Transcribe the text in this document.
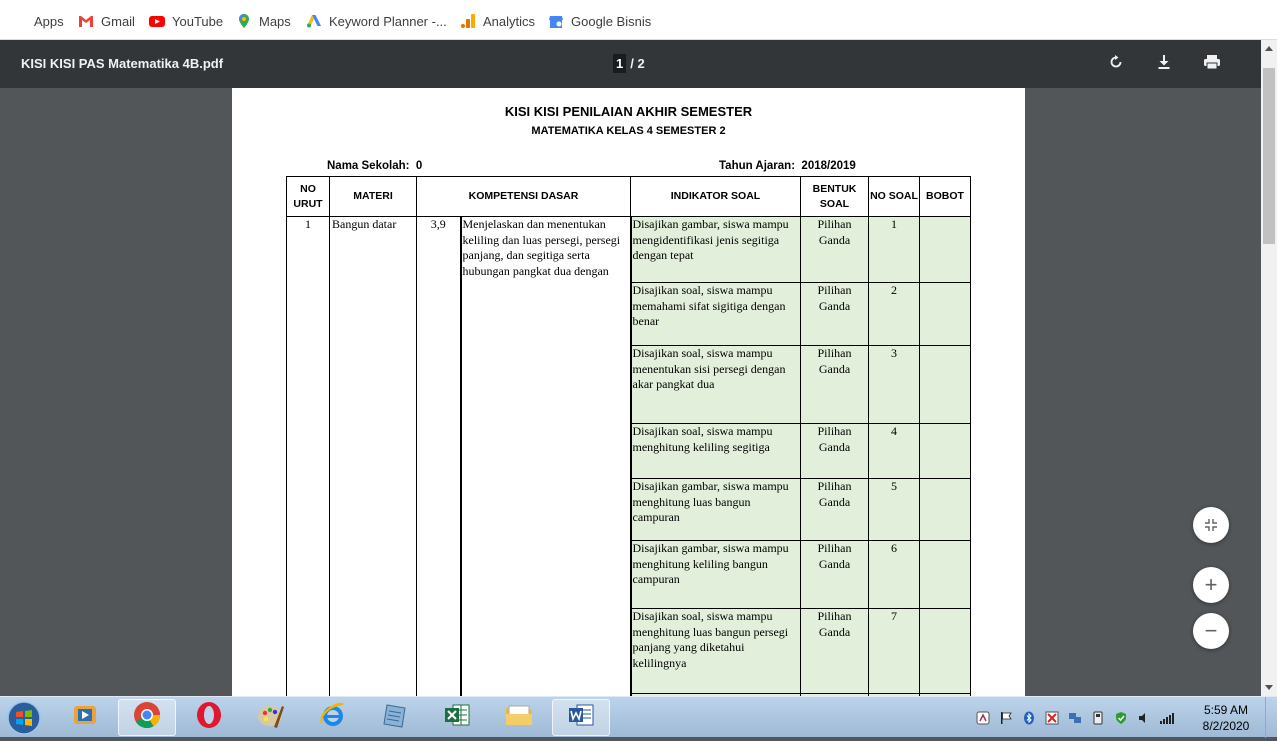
Apps	Gmail	YouTube	Maps	Keyword Planner -...	Analytics	Google Bisnis
KISI KISI PAS Matematika 4B.pdf	1 / 2
KISI KISI PENILAIAN AKHIR SEMESTER
MATEMATIKA KELAS 4 SEMESTER 2
Nama Sekolah: 0	Tahun Ajaran: 2018/2019
NO URUT	MATERI	KOMPETENSI DASAR		INDIKATOR SOAL	BENTUK SOAL	NO SOAL	BOBOT
1	Bangun datar	3,9	Menjelaskan dan menentukan keliling dan luas persegi, persegi panjang, dan segitiga serta hubungan pangkat dua dengan	Disajikan gambar, siswa mampu mengidentifikasi jenis segitiga dengan tepat	Pilihan Ganda	1	
				Disajikan soal, siswa mampu memahami sifat sigitiga dengan benar	Pilihan Ganda	2	
				Disajikan soal, siswa mampu menentukan sisi persegi dengan akar pangkat dua	Pilihan Ganda	3	
				Disajikan soal, siswa mampu menghitung keliling segitiga	Pilihan Ganda	4	
				Disajikan gambar, siswa mampu menghitung luas bangun campuran	Pilihan Ganda	5	
				Disajikan gambar, siswa mampu menghitung keliling bangun campuran	Pilihan Ganda	6	
				Disajikan soal, siswa mampu menghitung luas bangun persegi panjang yang diketahui kelilingnya	Pilihan Ganda	7	

+
−
5:59 AM
8/2/2020
